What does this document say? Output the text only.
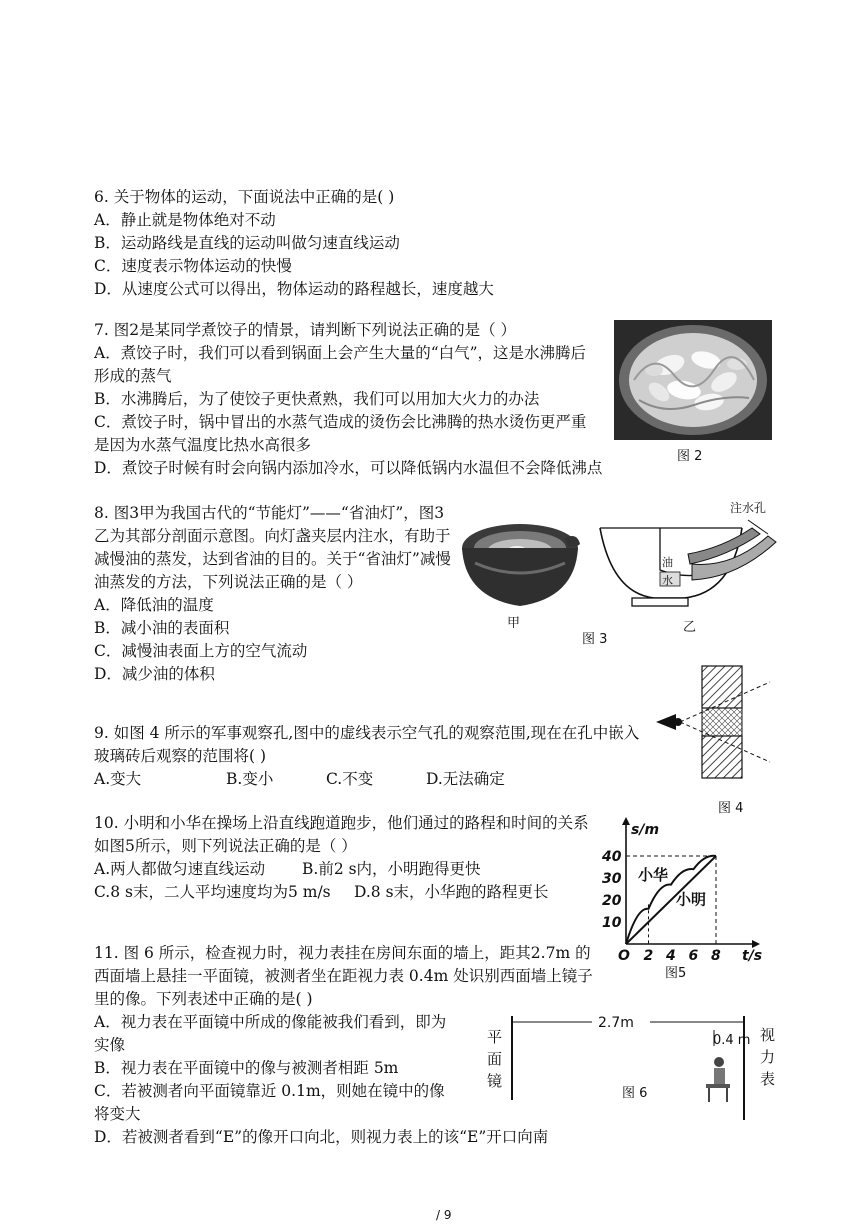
6. 关于物体的运动，下面说法中正确的是( )
A．静止就是物体绝对不动
B．运动路线是直线的运动叫做匀速直线运动
C．速度表示物体运动的快慢
D．从速度公式可以得出，物体运动的路程越长，速度越大
7. 图2是某同学煮饺子的情景，请判断下列说法正确的是（ ）
A．煮饺子时，我们可以看到锅面上会产生大量的“白气”，这是水沸腾后形成的蒸气
B．水沸腾后，为了使饺子更快煮熟，我们可以用加大火力的办法
C．煮饺子时，锅中冒出的水蒸气造成的烫伤会比沸腾的热水烫伤更严重是因为水蒸气温度比热水高很多
D．煮饺子时候有时会向锅内添加冷水，可以降低锅内水温但不会降低沸点
图 2
8. 图3甲为我国古代的“节能灯”——“省油灯”，图3乙为其部分剖面示意图。向灯盏夹层内注水，有助于减慢油的蒸发，达到省油的目的。关于“省油灯”减慢油蒸发的方法，下列说法正确的是（ ）
A．降低油的温度
B．减小油的表面积
C．减慢油表面上方的空气流动
D．减少油的体积
甲
油
水
注水孔
图 3
乙
9. 如图 4 所示的军事观察孔,图中的虚线表示空气孔的观察范围,现在在孔中嵌入玻璃砖后观察的范围将( )
A.变大	B.变小	C.不变	D.无法确定
图 4
10. 小明和小华在操场上沿直线跑道跑步，他们通过的路程和时间的关系如图5所示，则下列说法正确的是（ ）
A.两人都做匀速直线运动	B.前2 s内，小明跑得更快
C.8 s末，二人平均速度均为5 m/s	D.8 s末，小华跑的路程更长
2 4 6 8
10
20
30
40
小华
小明
s/m
t/s
O
图5
11. 图 6 所示，检查视力时，视力表挂在房间东面的墙上，距其2.7m 的西面墙上悬挂一平面镜，被测者坐在距视力表 0.4m 处识别西面墙上镜子里的像。下列表述中正确的是( )
A．视力表在平面镜中所成的像能被我们看到，即为实像
B．视力表在平面镜中的像与被测者相距 5m
C．若被测者向平面镜靠近 0.1m，则她在镜中的像将变大
D．若被测者看到“E”的像开口向北，则视力表上的该“E”开口向南
2.7m
0.4 m
平面镜
视力表
图 6
/ 9
